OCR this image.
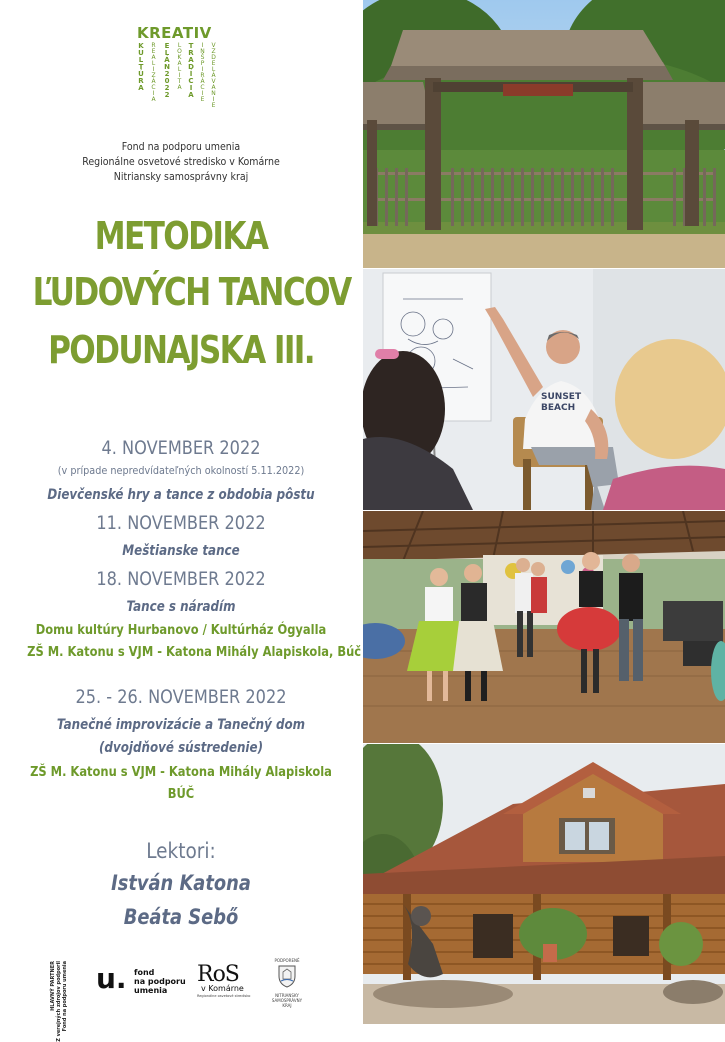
KREATIV
KULTÚRA REALIZÁCIA ELÁN2022 LOKALITA TRADÍCIA INŠPIRÁCIE VZDELÁVANIE
Fond na podporu umenia
Regionálne osvetové stredisko v Komárne
Nitriansky samosprávny kraj
METODIKA
ĽUDOVÝCH TANCOV
PODUNAJSKA III.
4. NOVEMBER 2022
(v prípade nepredvídateľných okolností 5.11.2022)
Dievčenské hry a tance z obdobia pôstu
11. NOVEMBER 2022
Meštianske tance
18. NOVEMBER 2022
Tance s náradím
Domu kultúry Hurbanovo / Kultúrház Ógyalla
ZŠ M. Katonu s VJM - Katona Mihály Alapiskola, Búč
25. - 26. NOVEMBER 2022
Tanečné improvizácie a Tanečný dom
(dvojdňové sústredenie)
ZŠ M. Katonu s VJM - Katona Mihály Alapiskola
BÚČ
Lektori:
István Katona
Beáta Sebő
HLAVNÝ PARTNER Z verejných zdrojov podporil Fond na podporu umenia u. fond
na podporu
umenia
RoS
v Komárne
Regionálne osvetové stredisko
PODPORENÉ
NITRIANSKY
SAMOSPRÁVNY
KRAJ
SUNSET
BEACH
